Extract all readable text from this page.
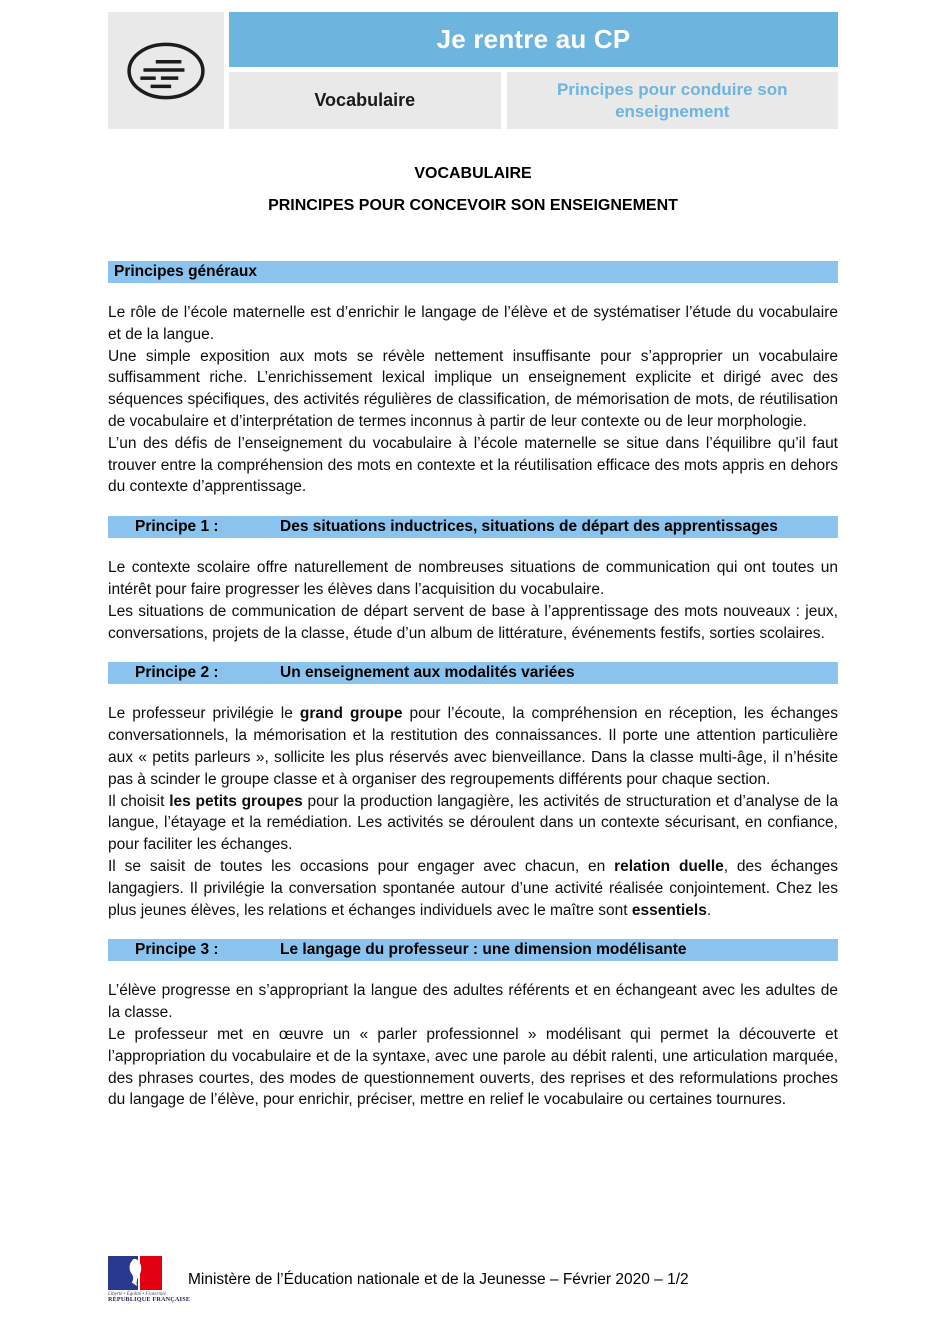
Je rentre au CP
Vocabulaire
Principes pour conduire son enseignement
VOCABULAIRE
PRINCIPES POUR CONCEVOIR SON ENSEIGNEMENT
Principes généraux

Le rôle de l’école maternelle est d’enrichir le langage de l’élève et de systématiser l’étude du vocabulaire et de la langue.

Une simple exposition aux mots se révèle nettement insuffisante pour s’approprier un vocabulaire suffisamment riche. L’enrichissement lexical implique un enseignement explicite et dirigé avec des séquences spécifiques, des activités régulières de classification, de mémorisation de mots, de réutilisation de vocabulaire et d’interprétation de termes inconnus à partir de leur contexte ou de leur morphologie.

L’un des défis de l’enseignement du vocabulaire à l’école maternelle se situe dans l’équilibre qu’il faut trouver entre la compréhension des mots en contexte et la réutilisation efficace des mots appris en dehors du contexte d’apprentissage.

Principe 1 :	Des situations inductrices, situations de départ des apprentissages

Le contexte scolaire offre naturellement de nombreuses situations de communication qui ont toutes un intérêt pour faire progresser les élèves dans l’acquisition du vocabulaire.

Les situations de communication de départ servent de base à l’apprentissage des mots nouveaux : jeux, conversations, projets de la classe, étude d’un album de littérature, événements festifs, sorties scolaires.

Principe 2 :	Un enseignement aux modalités variées

Le professeur privilégie le grand groupe pour l’écoute, la compréhension en réception, les échanges conversationnels, la mémorisation et la restitution des connaissances. Il porte une attention particulière aux « petits parleurs », sollicite les plus réservés avec bienveillance. Dans la classe multi-âge, il n’hésite pas à scinder le groupe classe et à organiser des regroupements différents pour chaque section.

Il choisit les petits groupes pour la production langagière, les activités de structuration et d’analyse de la langue, l’étayage et la remédiation. Les activités se déroulent dans un contexte sécurisant, en confiance, pour faciliter les échanges.

Il se saisit de toutes les occasions pour engager avec chacun, en relation duelle, des échanges langagiers. Il privilégie la conversation spontanée autour d’une activité réalisée conjointement. Chez les plus jeunes élèves, les relations et échanges individuels avec le maître sont essentiels.

Principe 3 :	Le langage du professeur : une dimension modélisante

L’élève progresse en s’appropriant la langue des adultes référents et en échangeant avec les adultes de la classe.

Le professeur met en œuvre un « parler professionnel » modélisant qui permet la découverte et l’appropriation du vocabulaire et de la syntaxe, avec une parole au débit ralenti, une articulation marquée, des phrases courtes, des modes de questionnement ouverts, des reprises et des reformulations proches du langage de l’élève, pour enrichir, préciser, mettre en relief le vocabulaire ou certaines tournures.

Liberté • Égalité • Fraternité
RÉPUBLIQUE FRANÇAISE
Ministère de l’Éducation nationale et de la Jeunesse – Février 2020 – 1/2
